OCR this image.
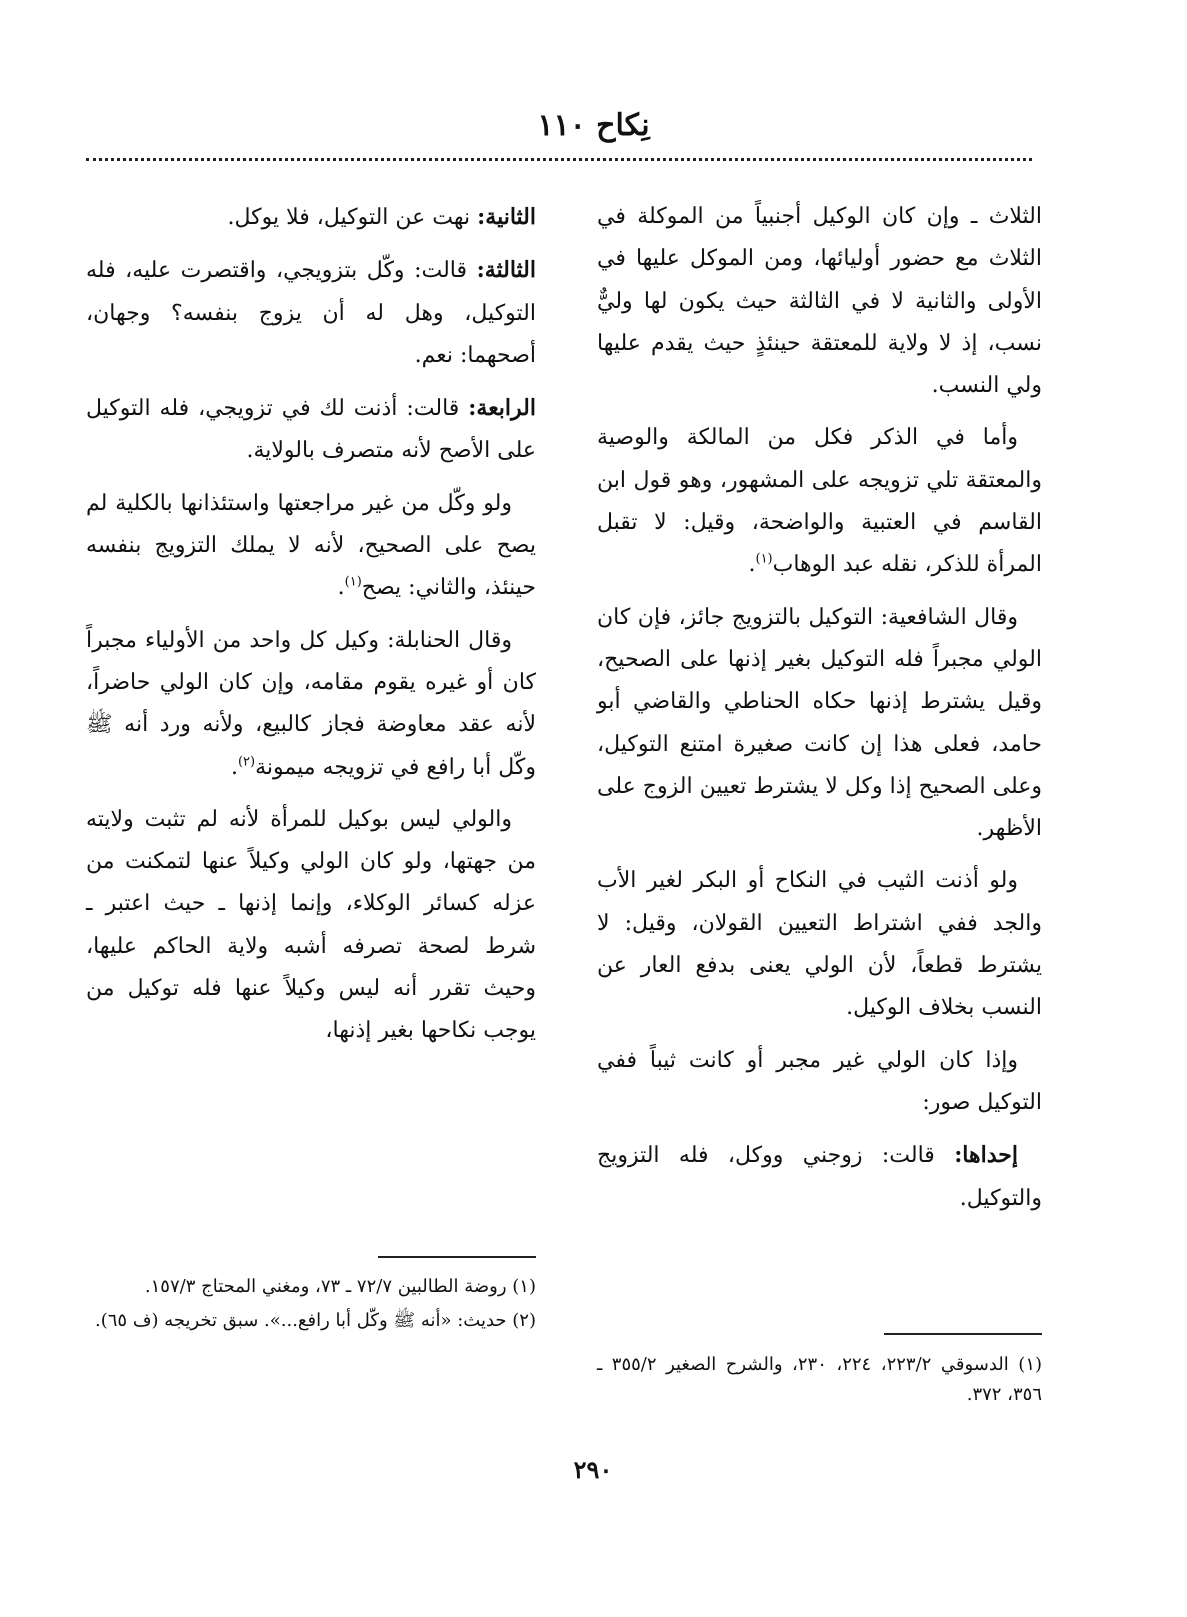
نِكاح ١١٠

الثلاث ـ وإن كان الوكيل أجنبياً من الموكلة في الثلاث مع حضور أوليائها، ومن الموكل عليها في الأولى والثانية لا في الثالثة حيث يكون لها وليٌّ نسب، إذ لا ولاية للمعتقة حينئذٍ حيث يقدم عليها ولي النسب.

وأما في الذكر فكل من المالكة والوصية والمعتقة تلي تزويجه على المشهور، وهو قول ابن القاسم في العتبية والواضحة، وقيل: لا تقبل المرأة للذكر، نقله عبد الوهاب$^{(١)}$.

وقال الشافعية: التوكيل بالتزويج جائز، فإن كان الولي مجبراً فله التوكيل بغير إذنها على الصحيح، وقيل يشترط إذنها حكاه الحناطي والقاضي أبو حامد، فعلى هذا إن كانت صغيرة امتنع التوكيل، وعلى الصحيح إذا وكل لا يشترط تعيين الزوج على الأظهر.

ولو أذنت الثيب في النكاح أو البكر لغير الأب والجد ففي اشتراط التعيين القولان، وقيل: لا يشترط قطعاً، لأن الولي يعنى بدفع العار عن النسب بخلاف الوكيل.

وإذا كان الولي غير مجبر أو كانت ثيباً ففي التوكيل صور:

إحداها: قالت: زوجني ووكل، فله التزويج والتوكيل.

الثانية: نهت عن التوكيل، فلا يوكل.

الثالثة: قالت: وكّل بتزويجي، واقتصرت عليه، فله التوكيل، وهل له أن يزوج بنفسه؟ وجهان، أصحهما: نعم.

الرابعة: قالت: أذنت لك في تزويجي، فله التوكيل على الأصح لأنه متصرف بالولاية.

ولو وكّل من غير مراجعتها واستئذانها بالكلية لم يصح على الصحيح، لأنه لا يملك التزويج بنفسه حينئذ، والثاني: يصح$^{(١)}$.

وقال الحنابلة: وكيل كل واحد من الأولياء مجبراً كان أو غيره يقوم مقامه، وإن كان الولي حاضراً، لأنه عقد معاوضة فجاز كالبيع، ولأنه ورد أنه ﷺ وكّل أبا رافع في تزويجه ميمونة$^{(٢)}$.

والولي ليس بوكيل للمرأة لأنه لم تثبت ولايته من جهتها، ولو كان الولي وكيلاً عنها لتمكنت من عزله كسائر الوكلاء، وإنما إذنها ـ حيث اعتبر ـ شرط لصحة تصرفه أشبه ولاية الحاكم عليها، وحيث تقرر أنه ليس وكيلاً عنها فله توكيل من يوجب نكاحها بغير إذنها،

(١) الدسوقي ٢٢٣/٢، ٢٢٤، ٢٣٠، والشرح الصغير ٣٥٥/٢ ـ ٣٥٦، ٣٧٢.

(١) روضة الطالبين ٧٢/٧ ـ ٧٣، ومغني المحتاج ١٥٧/٣.

(٢) حديث: «أنه ﷺ وكّل أبا رافع...». سبق تخريجه (ف ٦٥).

٢٩٠
